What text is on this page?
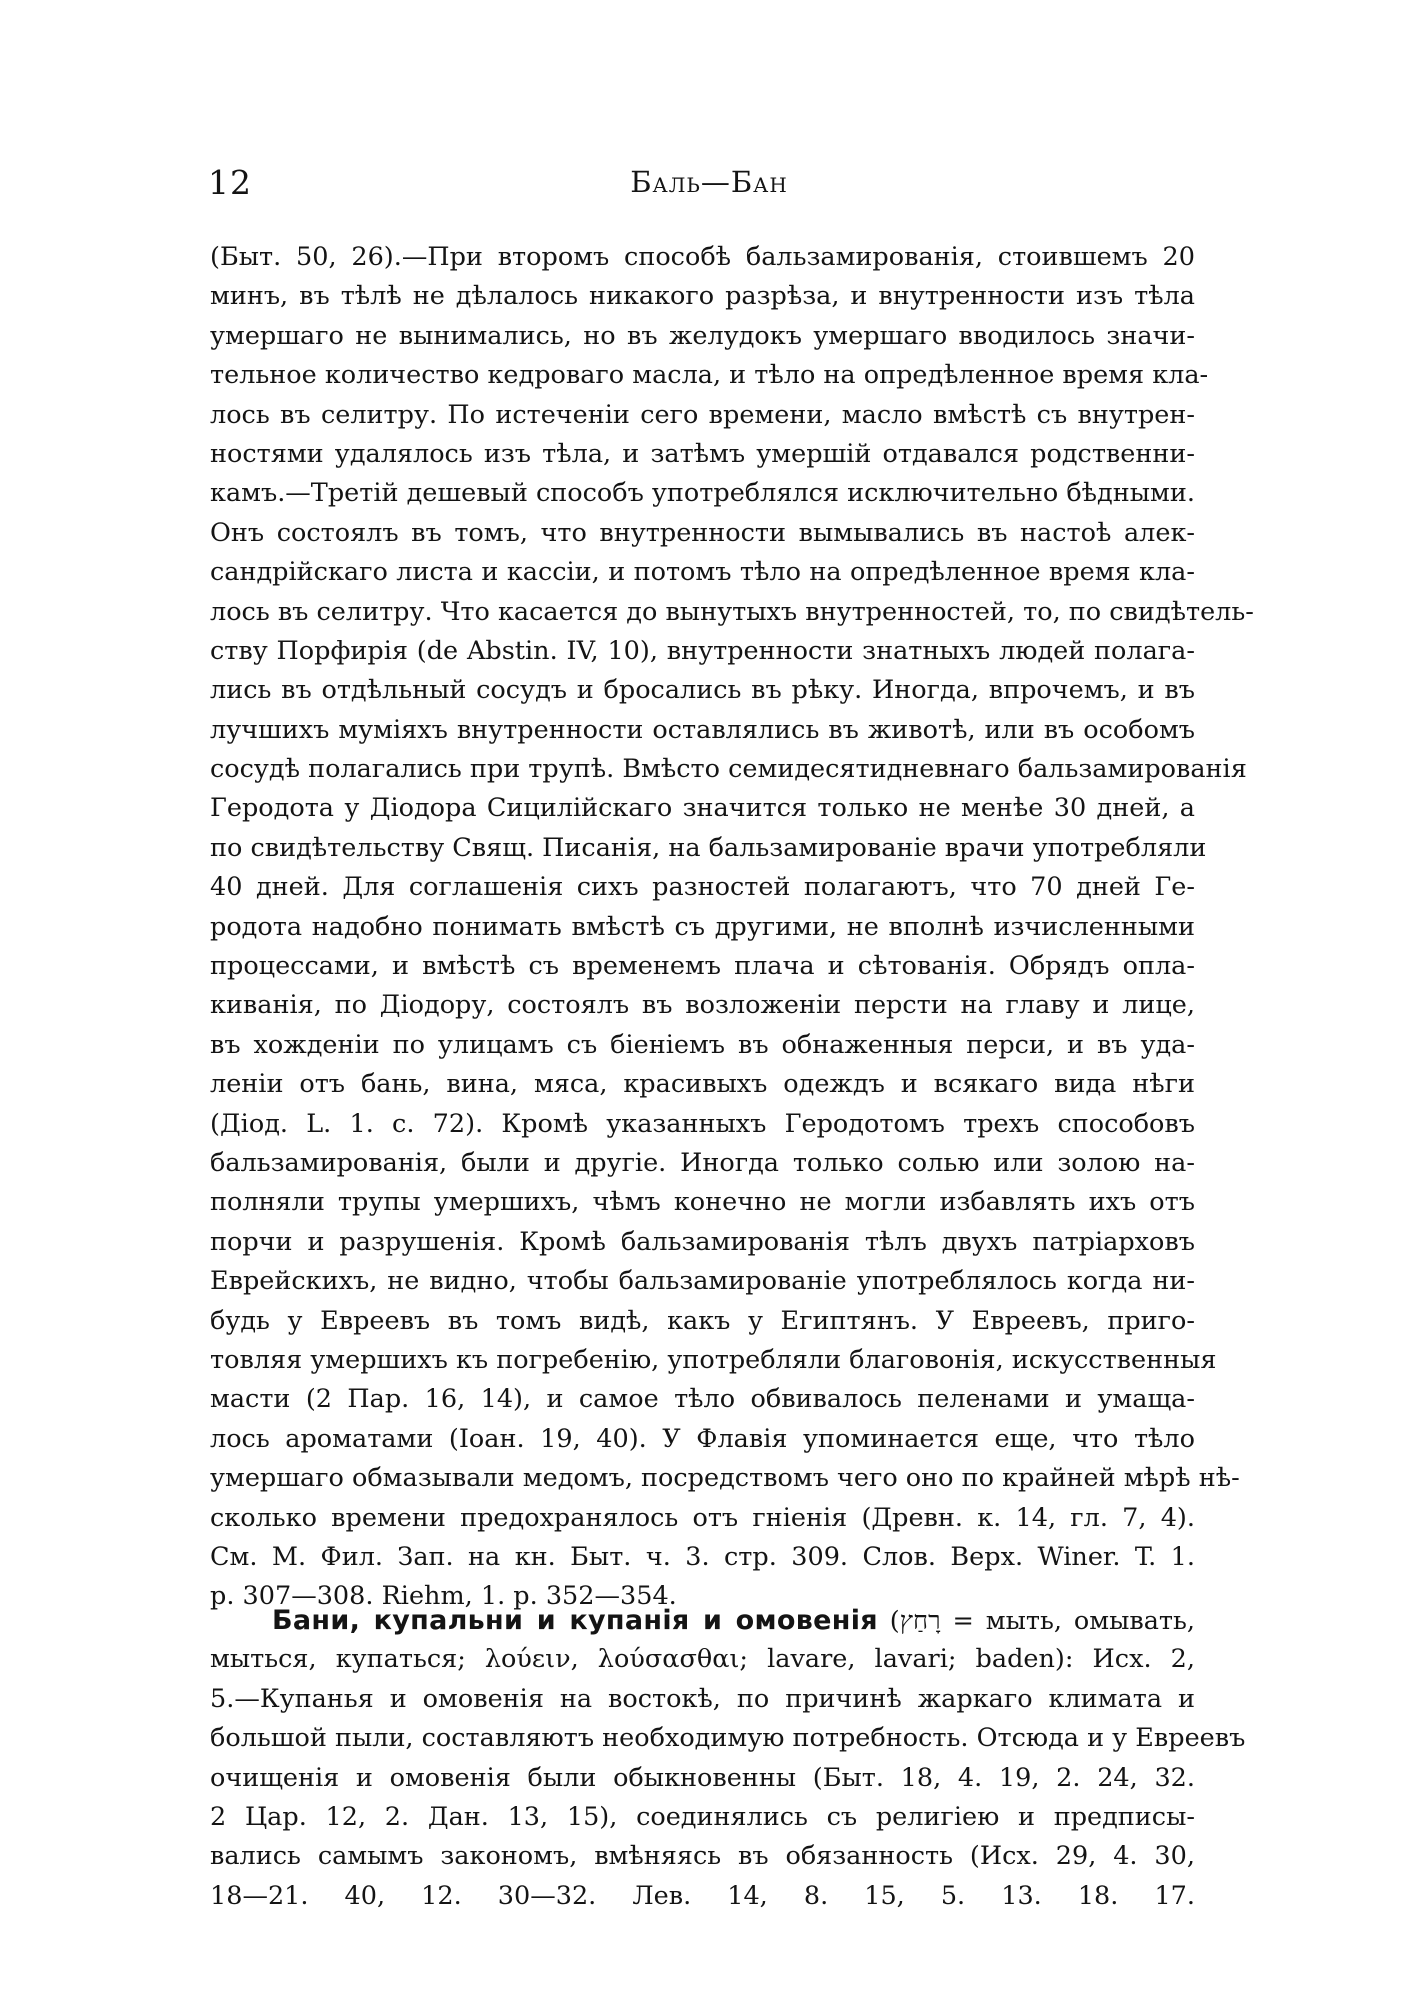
12	Баль—Бан
(Быт. 50, 26).—При второмъ способѣ бальзамированія, стоившемъ 20
минъ, въ тѣлѣ не дѣлалось никакого разрѣза, и внутренности изъ тѣла
умершаго не вынимались, но въ желудокъ умершаго вводилось значи-
тельное количество кедроваго масла, и тѣло на опредѣленное время кла-
лось въ селитру. По истеченіи сего времени, масло вмѣстѣ съ внутрен-
ностями удалялось изъ тѣла, и затѣмъ умершій отдавался родственни-
камъ.—Третій дешевый способъ употреблялся исключительно бѣдными.
Онъ состоялъ въ томъ, что внутренности вымывались въ настоѣ алек-
сандрійскаго листа и кассіи, и потомъ тѣло на опредѣленное время кла-
лось въ селитру. Что касается до вынутыхъ внутренностей, то, по свидѣтель-
ству Порфирія (de Abstin. IV, 10), внутренности знатныхъ людей полага-
лись въ отдѣльный сосудъ и бросались въ рѣку. Иногда, впрочемъ, и въ
лучшихъ муміяхъ внутренности оставлялись въ животѣ, или въ особомъ
сосудѣ полагались при трупѣ. Вмѣсто семидесятидневнаго бальзамированія
Геродота у Діодора Сицилійскаго значится только не менѣе 30 дней, а
по свидѣтельству Свящ. Писанія, на бальзамированіе врачи употребляли
40 дней. Для соглашенія сихъ разностей полагаютъ, что 70 дней Ге-
родота надобно понимать вмѣстѣ съ другими, не вполнѣ изчисленными
процессами, и вмѣстѣ съ временемъ плача и сѣтованія. Обрядъ опла-
киванія, по Діодору, состоялъ въ возложеніи персти на главу и лице,
въ хожденіи по улицамъ съ біеніемъ въ обнаженныя перси, и въ уда-
леніи отъ бань, вина, мяса, красивыхъ одеждъ и всякаго вида нѣги
(Діод. L. 1. c. 72). Кромѣ указанныхъ Геродотомъ трехъ способовъ
бальзамированія, были и другіе. Иногда только солью или золою на-
полняли трупы умершихъ, чѣмъ конечно не могли избавлять ихъ отъ
порчи и разрушенія. Кромѣ бальзамированія тѣлъ двухъ патріарховъ
Еврейскихъ, не видно, чтобы бальзамированіе употреблялось когда ни-
будь у Евреевъ въ томъ видѣ, какъ у Египтянъ. У Евреевъ, приго-
товляя умершихъ къ погребенію, употребляли благовонія, искусственныя
масти (2 Пар. 16, 14), и самое тѣло обвивалось пеленами и умаща-
лось ароматами (Іоан. 19, 40). У Флавія упоминается еще, что тѣло
умершаго обмазывали медомъ, посредствомъ чего оно по крайней мѣрѣ нѣ-
сколько времени предохранялось отъ гніенія (Древн. к. 14, гл. 7, 4).
См. М. Фил. Зап. на кн. Быт. ч. 3. стр. 309. Слов. Верх. Winer. T. 1.
p. 307—308. Riehm, 1. p. 352—354.
Бани, купальни и купанія и омовенія (רָחַץ = мыть, омывать,
мыться, купаться; λούειν, λούσασθαι; lavare, lavari; baden): Исх. 2,
5.—Купанья и омовенія на востокѣ, по причинѣ жаркаго климата и
большой пыли, составляютъ необходимую потребность. Отсюда и у Евреевъ
очищенія и омовенія были обыкновенны (Быт. 18, 4. 19, 2. 24, 32.
2 Цар. 12, 2. Дан. 13, 15), соединялись съ религіею и предписы-
вались самымъ закономъ, вмѣняясь въ обязанность (Исх. 29, 4. 30,
18—21. 40, 12. 30—32. Лев. 14, 8. 15, 5. 13. 18. 17.
